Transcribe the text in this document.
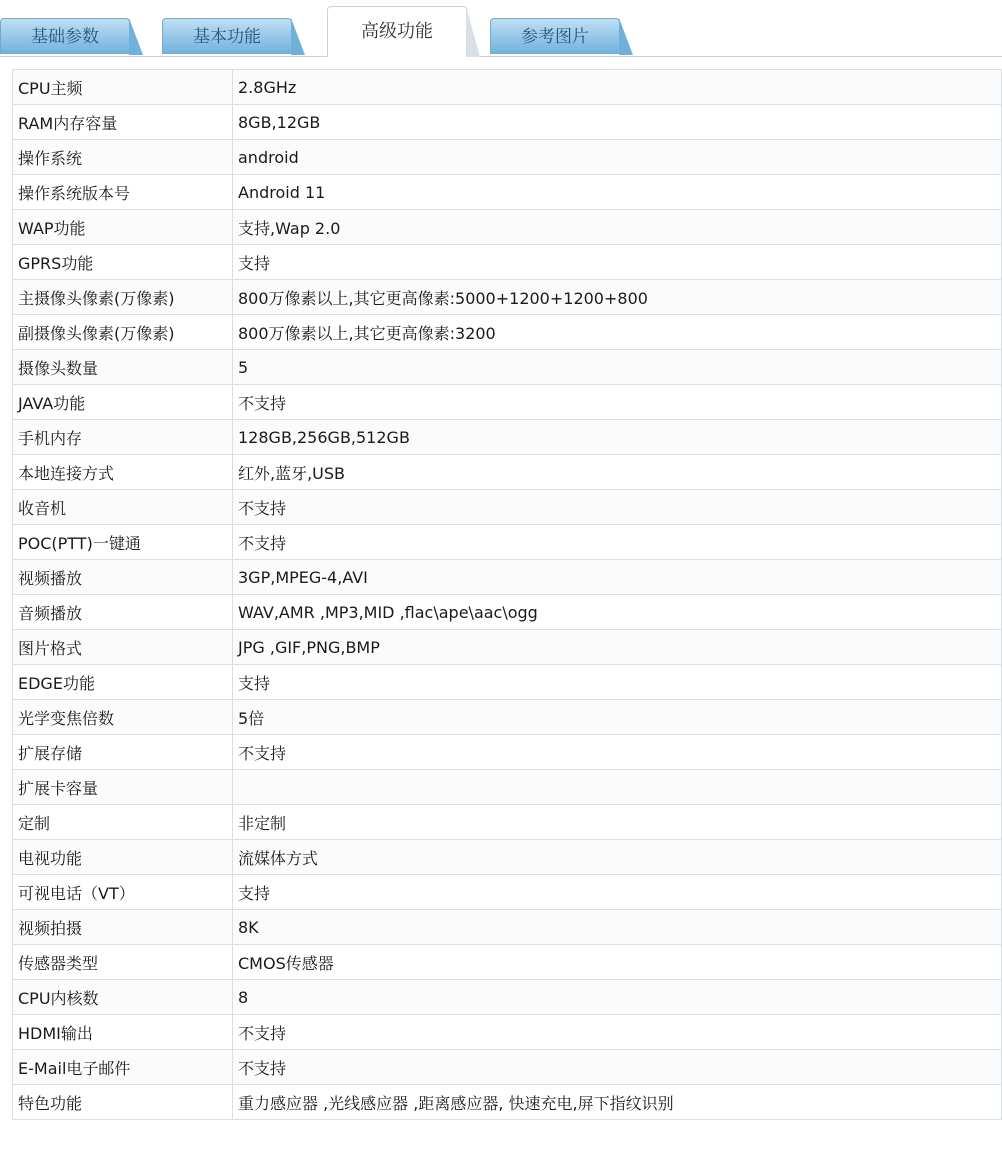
基础参数	基本功能	高级功能	参考图片
CPU主频	2.8GHz
RAM内存容量	8GB,12GB
操作系统	android
操作系统版本号	Android 11
WAP功能	支持,Wap 2.0
GPRS功能	支持
主摄像头像素(万像素)	800万像素以上,其它更高像素:5000+1200+1200+800
副摄像头像素(万像素)	800万像素以上,其它更高像素:3200
摄像头数量	5
JAVA功能	不支持
手机内存	128GB,256GB,512GB
本地连接方式	红外,蓝牙,USB
收音机	不支持
POC(PTT)一键通	不支持
视频播放	3GP,MPEG-4,AVI
音频播放	WAV,AMR ,MP3,MID ,flac\ape\aac\ogg
图片格式	JPG ,GIF,PNG,BMP
EDGE功能	支持
光学变焦倍数	5倍
扩展存储	不支持
扩展卡容量	
定制	非定制
电视功能	流媒体方式
可视电话（VT）	支持
视频拍摄	8K
传感器类型	CMOS传感器
CPU内核数	8
HDMI输出	不支持
E-Mail电子邮件	不支持
特色功能	重力感应器 ,光线感应器 ,距离感应器, 快速充电,屏下指纹识别
